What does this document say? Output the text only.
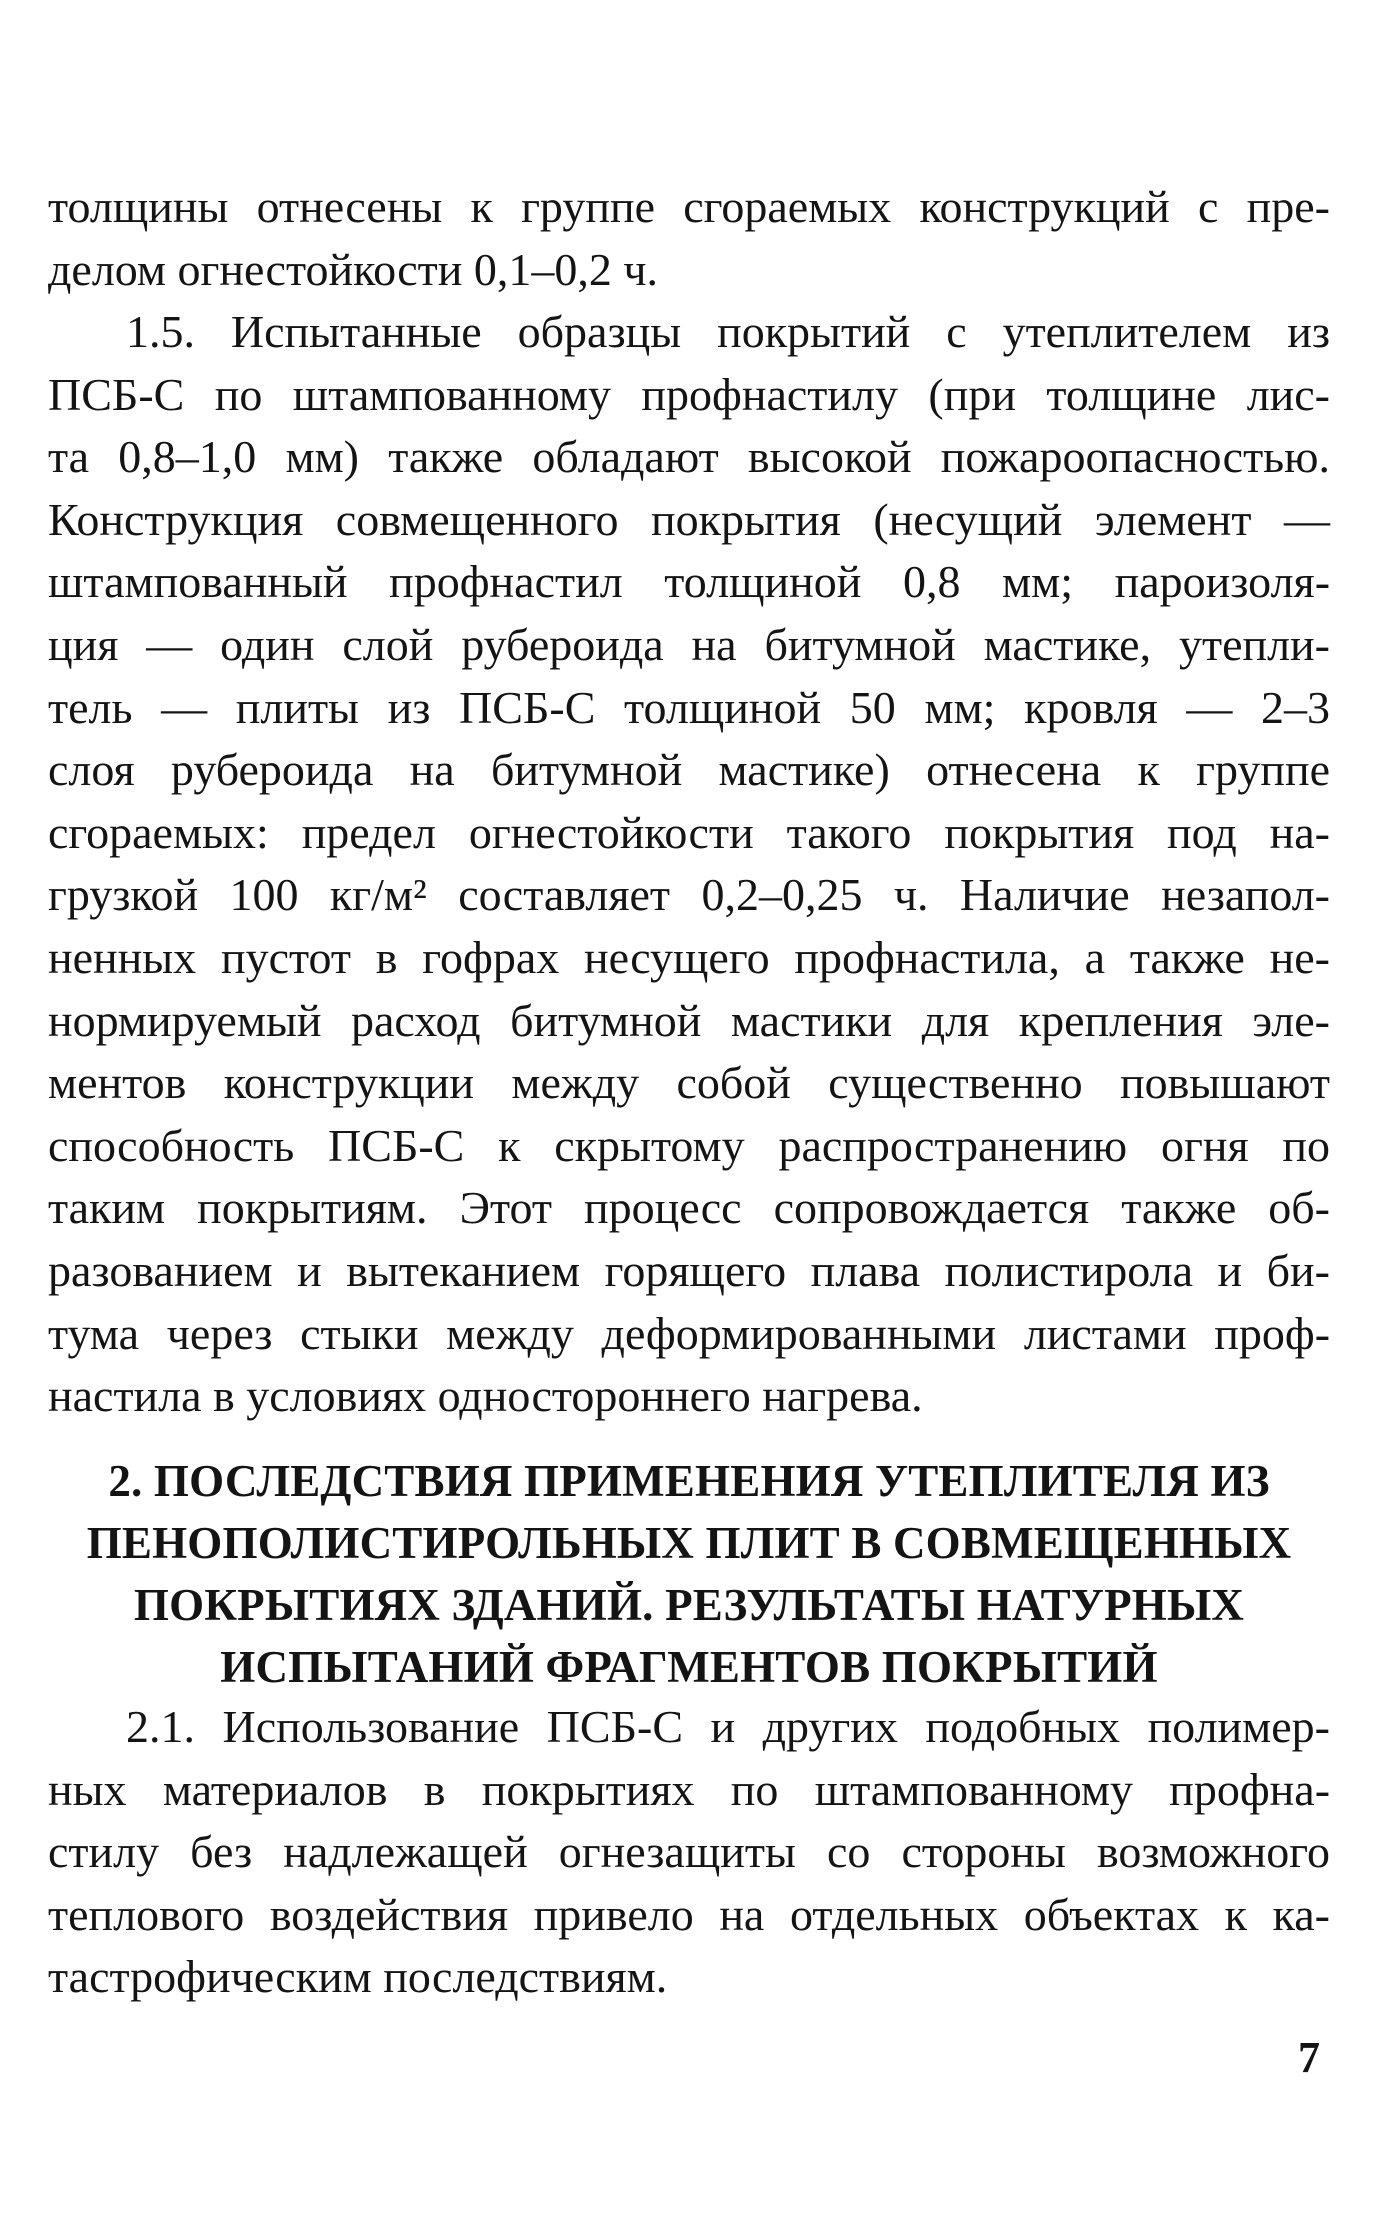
толщины отнесены к группе сгораемых конструкций с пре-
делом огнестойкости 0,1–0,2 ч.
1.5. Испытанные образцы покрытий с утеплителем из
ПСБ-С по штампованному профнастилу (при толщине лис-
та 0,8–1,0 мм) также обладают высокой пожароопасностью.
Конструкция совмещенного покрытия (несущий элемент —
штампованный профнастил толщиной 0,8 мм; пароизоля-
ция — один слой рубероида на битумной мастике, утепли-
тель — плиты из ПСБ-С толщиной 50 мм; кровля — 2–3
слоя рубероида на битумной мастике) отнесена к группе
сгораемых: предел огнестойкости такого покрытия под на-
грузкой 100 кг/м² составляет 0,2–0,25 ч. Наличие незапол-
ненных пустот в гофрах несущего профнастила, а также не-
нормируемый расход битумной мастики для крепления эле-
ментов конструкции между собой существенно повышают
способность ПСБ-С к скрытому распространению огня по
таким покрытиям. Этот процесс сопровождается также об-
разованием и вытеканием горящего плава полистирола и би-
тума через стыки между деформированными листами проф-
настила в условиях одностороннего нагрева.
2. ПОСЛЕДСТВИЯ ПРИМЕНЕНИЯ УТЕПЛИТЕЛЯ ИЗ
ПЕНОПОЛИСТИРОЛЬНЫХ ПЛИТ В СОВМЕЩЕННЫХ
ПОКРЫТИЯХ ЗДАНИЙ. РЕЗУЛЬТАТЫ НАТУРНЫХ
ИСПЫТАНИЙ ФРАГМЕНТОВ ПОКРЫТИЙ
2.1. Использование ПСБ-С и других подобных полимер-
ных материалов в покрытиях по штампованному профна-
стилу без надлежащей огнезащиты со стороны возможного
теплового воздействия привело на отдельных объектах к ка-
тастрофическим последствиям.
7
